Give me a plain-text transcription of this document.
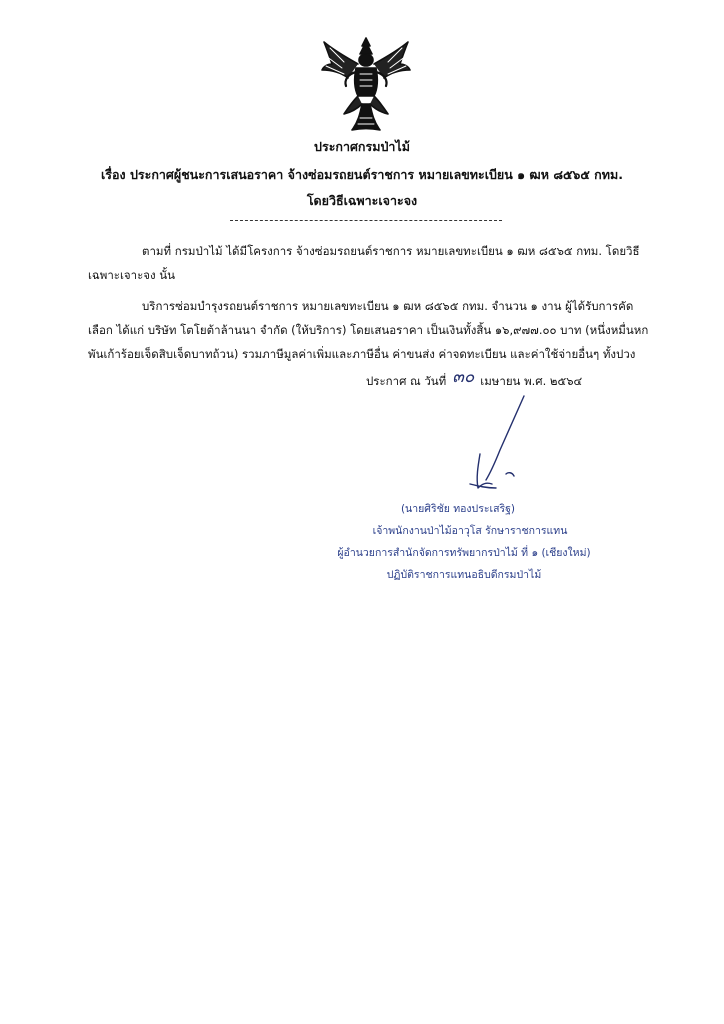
ประกาศกรมป่าไม้
เรื่อง ประกาศผู้ชนะการเสนอราคา จ้างซ่อมรถยนต์ราชการ หมายเลขทะเบียน ๑ ฒห ๘๕๖๕ กทม.
โดยวิธีเฉพาะเจาะจง
ตามที่ กรมป่าไม้ ได้มีโครงการ จ้างซ่อมรถยนต์ราชการ หมายเลขทะเบียน ๑ ฒห ๘๕๖๕ กทม. โดยวิธี
เฉพาะเจาะจง นั้น
บริการซ่อมบำรุงรถยนต์ราชการ หมายเลขทะเบียน ๑ ฒห ๘๕๖๕ กทม. จำนวน ๑ งาน ผู้ได้รับการคัด
เลือก ได้แก่ บริษัท โตโยต้าล้านนา จำกัด (ให้บริการ) โดยเสนอราคา เป็นเงินทั้งสิ้น ๑๖,๙๗๗.๐๐ บาท (หนึ่งหมื่นหก
พันเก้าร้อยเจ็ดสิบเจ็ดบาทถ้วน) รวมภาษีมูลค่าเพิ่มและภาษีอื่น ค่าขนส่ง ค่าจดทะเบียน และค่าใช้จ่ายอื่นๆ ทั้งปวง
ประกาศ ณ วันที่ ๓๐ เมษายน พ.ศ. ๒๕๖๔
(นายศิริชัย ทองประเสริฐ)
เจ้าพนักงานป่าไม้อาวุโส รักษาราชการแทน
ผู้อำนวยการสำนักจัดการทรัพยากรป่าไม้ ที่ ๑ (เชียงใหม่)
ปฏิบัติราชการแทนอธิบดีกรมป่าไม้
